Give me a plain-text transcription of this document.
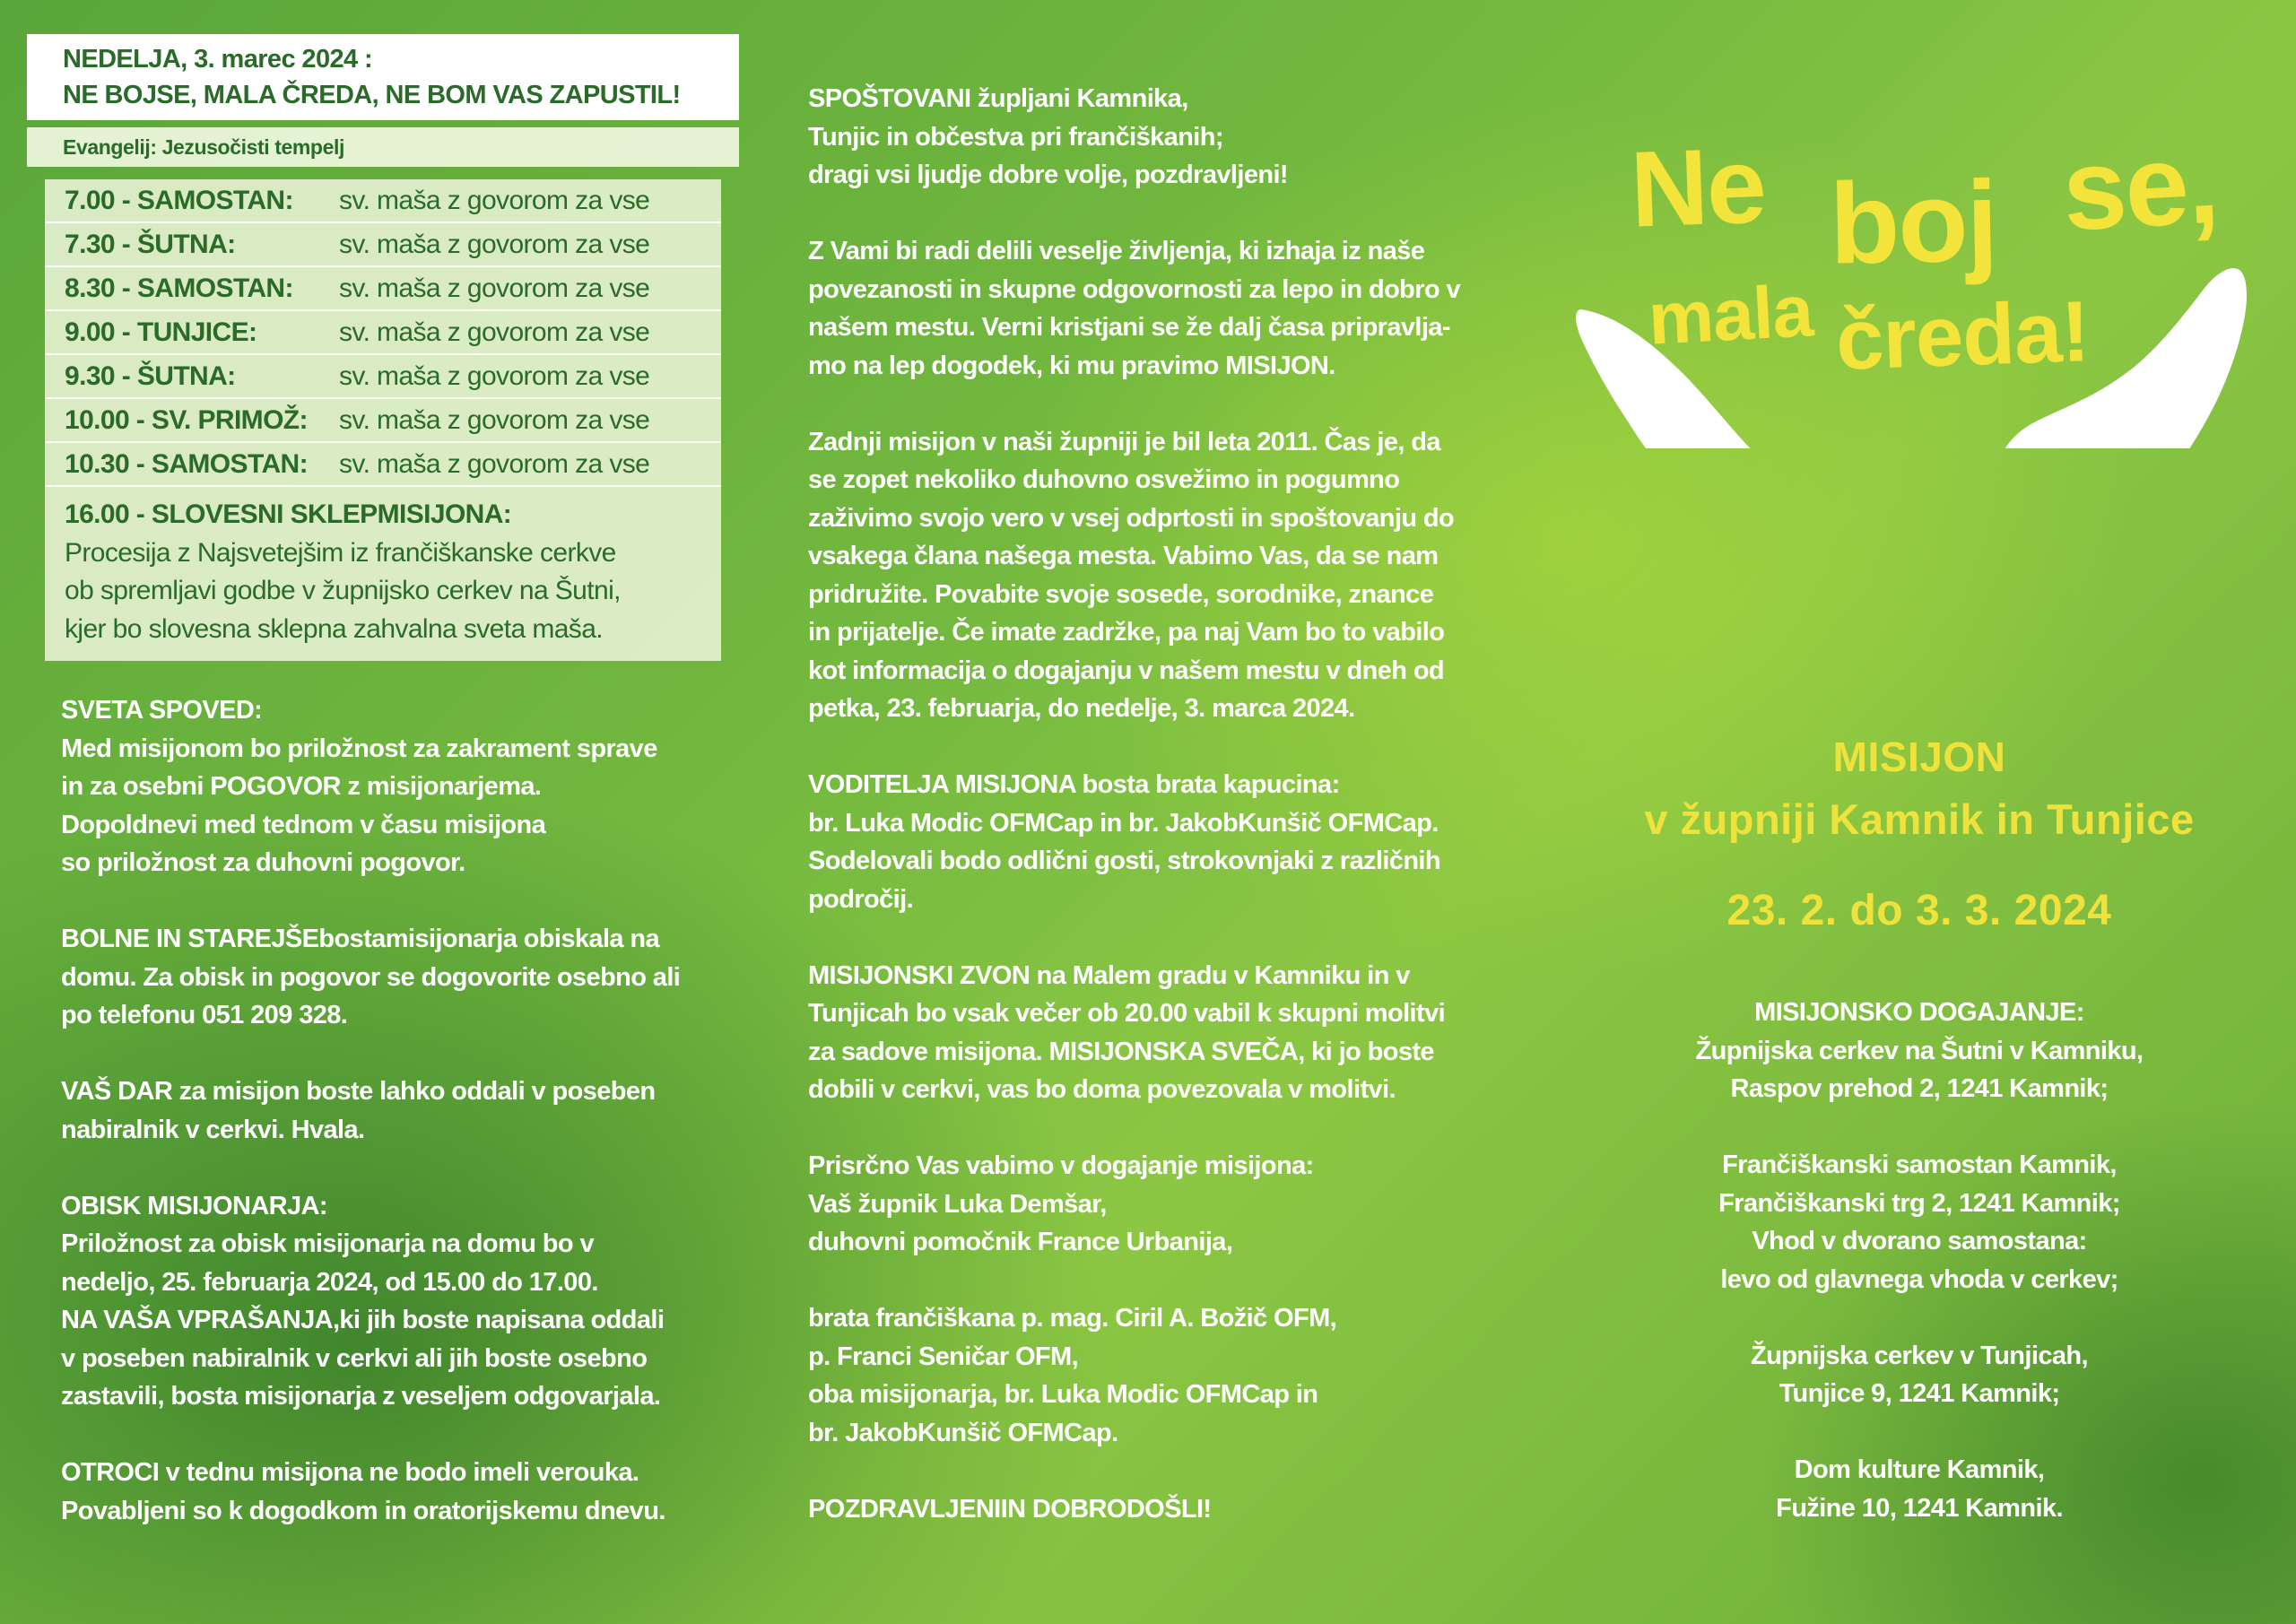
NEDELJA, 3. marec 2024 :
NE BOJSE, MALA ČREDA, NE BOM VAS ZAPUSTIL!
Evangelij: Jezusočisti tempelj
7.00 - SAMOSTAN:	sv. maša z govorom za vse
7.30 - ŠUTNA:	sv. maša z govorom za vse
8.30 - SAMOSTAN:	sv. maša z govorom za vse
9.00 - TUNJICE:	sv. maša z govorom za vse
9.30 - ŠUTNA:	sv. maša z govorom za vse
10.00 - SV. PRIMOŽ:	sv. maša z govorom za vse
10.30 - SAMOSTAN:	sv. maša z govorom za vse
16.00 - SLOVESNI SKLEPMISIJONA:
Procesija z Najsvetejšim iz frančiškanske cerkve
ob spremljavi godbe v župnijsko cerkev na Šutni,
kjer bo slovesna sklepna zahvalna sveta maša.

SVETA SPOVED:

Med misijonom bo priložnost za zakrament sprave

in za osebni POGOVOR z misijonarjema.

Dopoldnevi med tednom v času misijona

so priložnost za duhovni pogovor.

BOLNE IN STAREJŠEbostamisijonarja obiskala na

domu. Za obisk in pogovor se dogovorite osebno ali

po telefonu 051 209 328.

VAŠ DAR za misijon boste lahko oddali v poseben

nabiralnik v cerkvi. Hvala.

OBISK MISIJONARJA:

Priložnost za obisk misijonarja na domu bo v

nedeljo, 25. februarja 2024, od 15.00 do 17.00.

NA VAŠA VPRAŠANJA,ki jih boste napisana oddali

v poseben nabiralnik v cerkvi ali jih boste osebno

zastavili, bosta misijonarja z veseljem odgovarjala.

OTROCI v tednu misijona ne bodo imeli verouka.

Povabljeni so k dogodkom in oratorijskemu dnevu.

SPOŠTOVANI župljani Kamnika,

Tunjic in občestva pri frančiškanih;

dragi vsi ljudje dobre volje, pozdravljeni!

Z Vami bi radi delili veselje življenja, ki izhaja iz naše

povezanosti in skupne odgovornosti za lepo in dobro v

našem mestu. Verni kristjani se že dalj časa pripravlja-

mo na lep dogodek, ki mu pravimo MISIJON.

Zadnji misijon v naši župniji je bil leta 2011. Čas je, da

se zopet nekoliko duhovno osvežimo in pogumno

zaživimo svojo vero v vsej odprtosti in spoštovanju do

vsakega člana našega mesta. Vabimo Vas, da se nam

pridružite. Povabite svoje sosede, sorodnike, znance

in prijatelje. Če imate zadržke, pa naj Vam bo to vabilo

kot informacija o dogajanju v našem mestu v dneh od

petka, 23. februarja, do nedelje, 3. marca 2024.

VODITELJA MISIJONA bosta brata kapucina:

br. Luka Modic OFMCap in br. JakobKunšič OFMCap.

Sodelovali bodo odlični gosti, strokovnjaki z različnih

področij.

MISIJONSKI ZVON na Malem gradu v Kamniku in v

Tunjicah bo vsak večer ob 20.00 vabil k skupni molitvi

za sadove misijona. MISIJONSKA SVEČA, ki jo boste

dobili v cerkvi, vas bo doma povezovala v molitvi.

Prisrčno Vas vabimo v dogajanje misijona:

Vaš župnik Luka Demšar,

duhovni pomočnik France Urbanija,

brata frančiškana p. mag. Ciril A. Božič OFM,

p. Franci Seničar OFM,

oba misijonarja, br. Luka Modic OFMCap in

br. JakobKunšič OFMCap.

POZDRAVLJENIIN DOBRODOŠLI!

Ne boj se,
mala čreda!
MISIJON
v župniji Kamnik in Tunjice
23. 2. do 3. 3. 2024

MISIJONSKO DOGAJANJE:

Župnijska cerkev na Šutni v Kamniku,

Raspov prehod 2, 1241 Kamnik;

Frančiškanski samostan Kamnik,

Frančiškanski trg 2, 1241 Kamnik;

Vhod v dvorano samostana:

levo od glavnega vhoda v cerkev;

Župnijska cerkev v Tunjicah,

Tunjice 9, 1241 Kamnik;

Dom kulture Kamnik,

Fužine 10, 1241 Kamnik.
